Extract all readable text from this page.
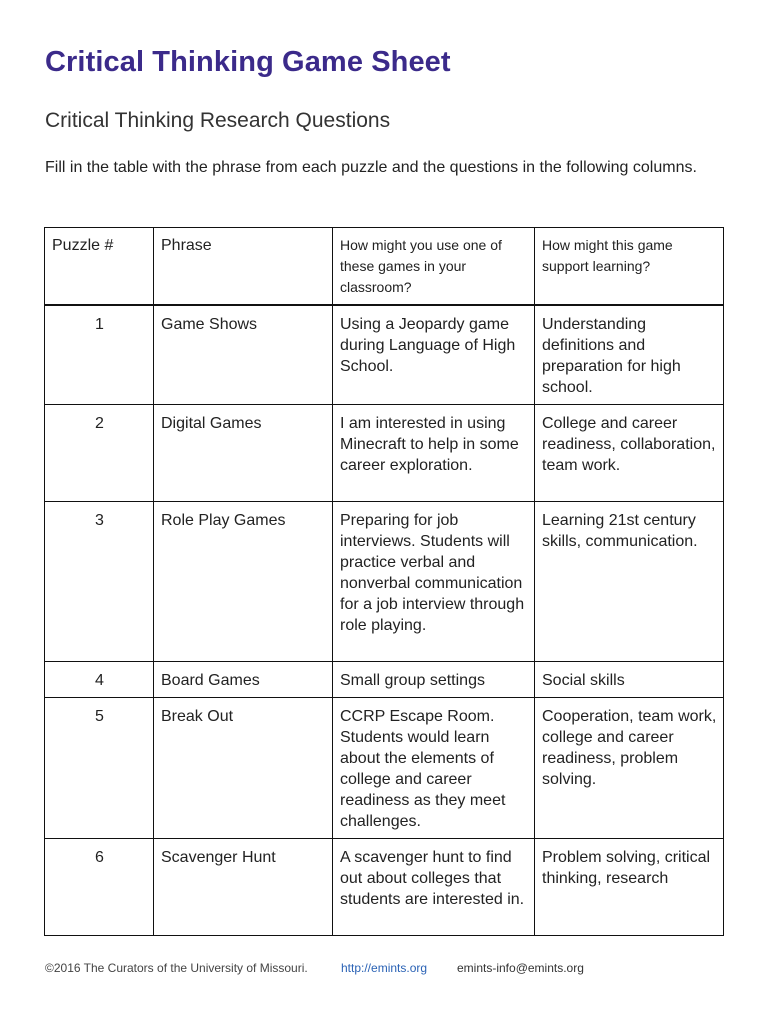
Critical Thinking Game Sheet
Critical Thinking Research Questions
Fill in the table with the phrase from each puzzle and the questions in the following columns.
Puzzle #	Phrase	How might you use one of these games in your classroom?	How might this game support learning?
1	Game Shows	Using a Jeopardy game during Language of High School.	Understanding definitions and preparation for high school.
2	Digital Games	I am interested in using Minecraft to help in some career exploration.	College and career readiness, collaboration, team work.
3	Role Play Games	Preparing for job interviews. Students will practice verbal and nonverbal communication for a job interview through role playing.	Learning 21st century skills, communication.
4	Board Games	Small group settings	Social skills
5	Break Out	CCRP Escape Room. Students would learn about the elements of college and career readiness as they meet challenges.	Cooperation, team work, college and career readiness, problem solving.
6	Scavenger Hunt	A scavenger hunt to find out about colleges that students are interested in.	Problem solving, critical thinking, research
©2016 The Curators of the University of Missouri.	http://emints.org emints-info@emints.org
